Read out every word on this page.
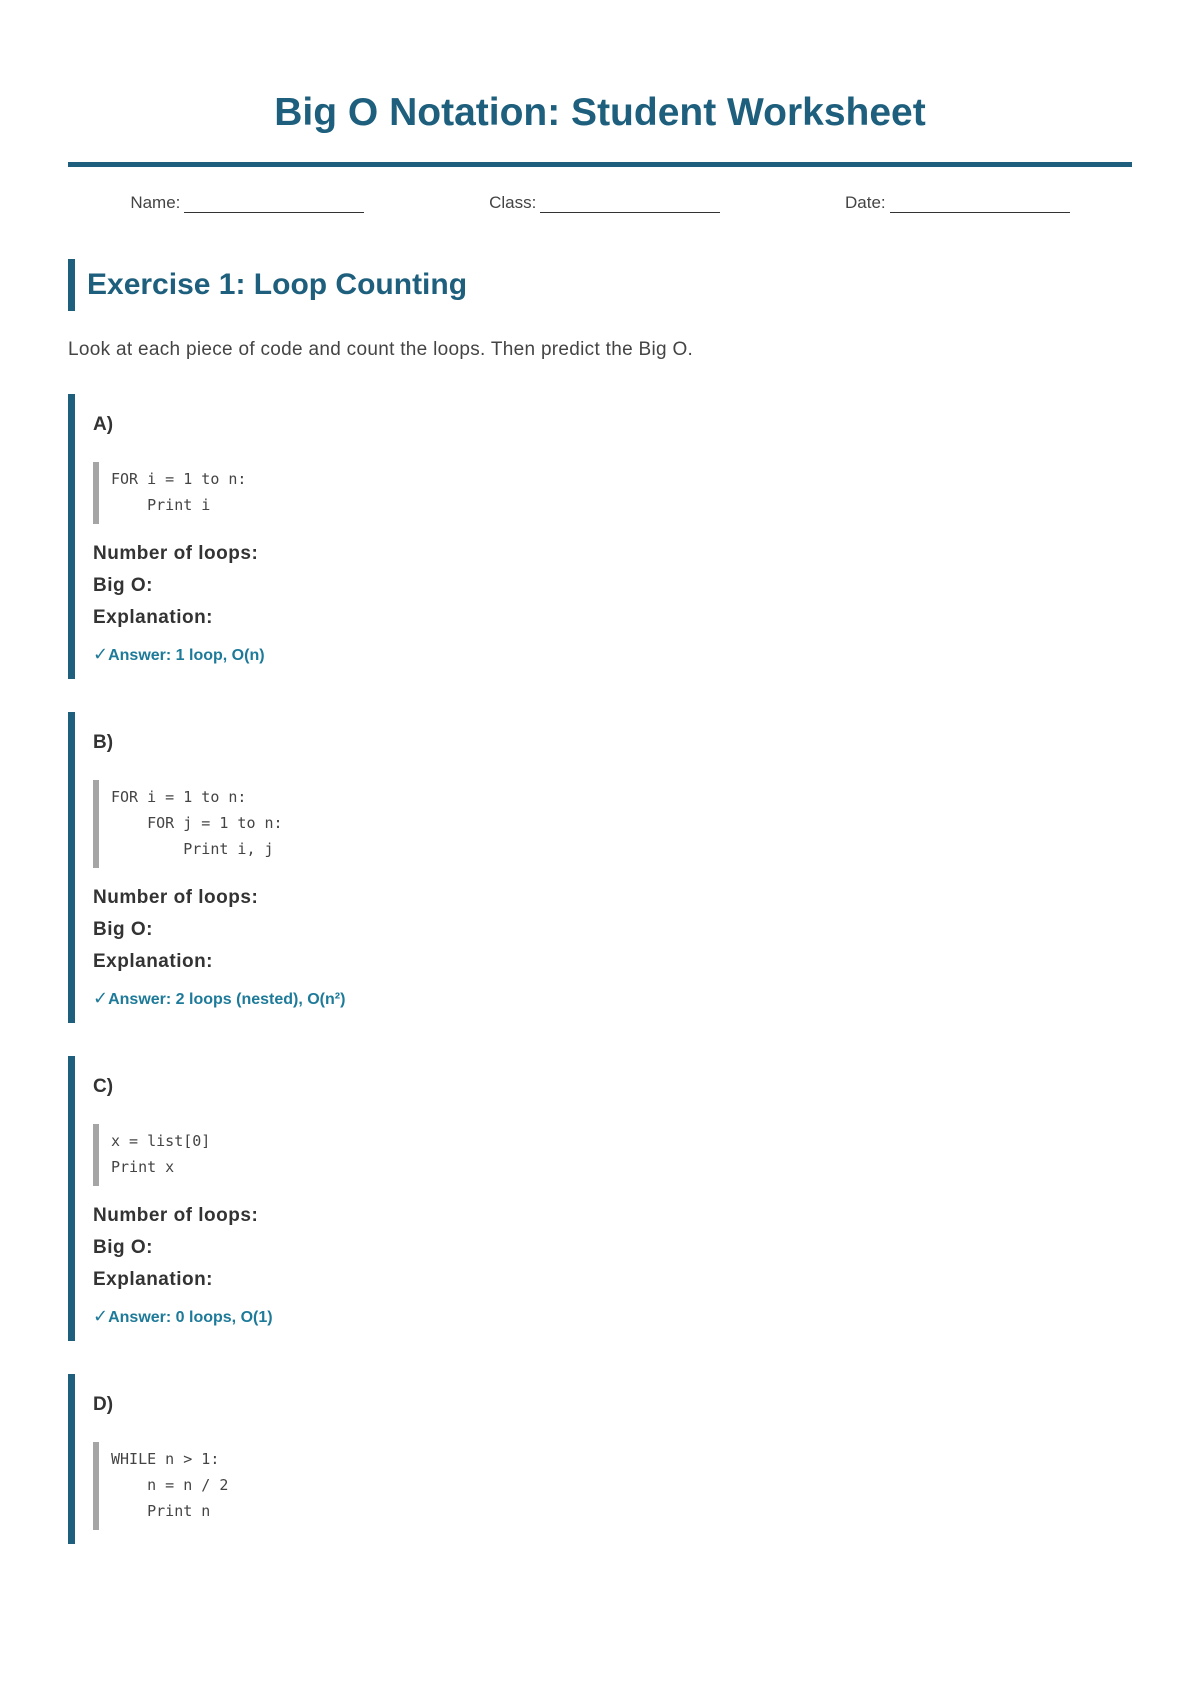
Big O Notation: Student Worksheet
Name:	Class:	Date:
Exercise 1: Loop Counting
Look at each piece of code and count the loops. Then predict the Big O.
A)
FOR i = 1 to n:
Print i
Number of loops:
Big O:
Explanation:
✓Answer: 1 loop, O(n)
B)
FOR i = 1 to n:
FOR j = 1 to n:
Print i, j
Number of loops:
Big O:
Explanation:
✓Answer: 2 loops (nested), O(n²)
C)
x = list[0]
Print x
Number of loops:
Big O:
Explanation:
✓Answer: 0 loops, O(1)
D)
WHILE n > 1:
n = n / 2
Print n
